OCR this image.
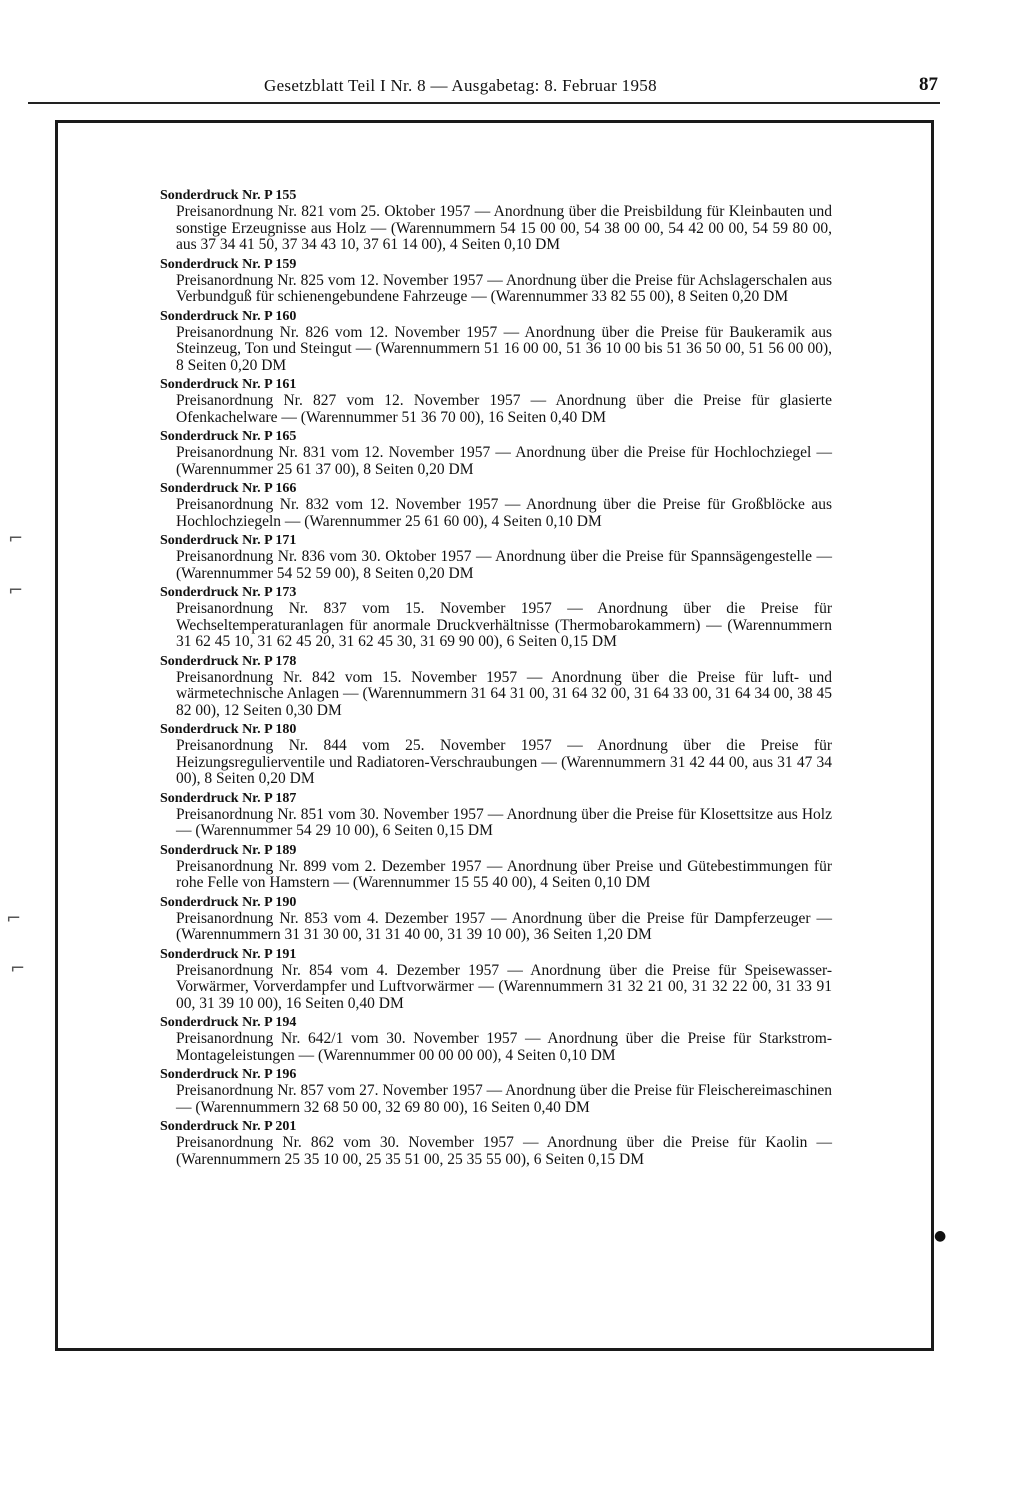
Gesetzblatt Teil I Nr. 8 — Ausgabetag: 8. Februar 1958	87
⌐
⌐
⌐
⌐
●
Sonderdruck Nr. P 155
Preisanordnung Nr. 821 vom 25. Oktober 1957 — Anordnung über die Preisbildung für Kleinbauten und sonstige Erzeugnisse aus Holz — (Warennummern 54 15 00 00, 54 38 00 00, 54 42 00 00, 54 59 80 00, aus 37 34 41 50, 37 34 43 10, 37 61 14 00), 4 Seiten 0,10 DM
Sonderdruck Nr. P 159
Preisanordnung Nr. 825 vom 12. November 1957 — Anordnung über die Preise für Achslagerschalen aus Verbundguß für schienengebundene Fahrzeuge — (Warennummer 33 82 55 00), 8 Seiten 0,20 DM
Sonderdruck Nr. P 160
Preisanordnung Nr. 826 vom 12. November 1957 — Anordnung über die Preise für Baukeramik aus Steinzeug, Ton und Steingut — (Warennummern 51 16 00 00, 51 36 10 00 bis 51 36 50 00, 51 56 00 00), 8 Seiten 0,20 DM
Sonderdruck Nr. P 161
Preisanordnung Nr. 827 vom 12. November 1957 — Anordnung über die Preise für glasierte Ofenkachelware — (Warennummer 51 36 70 00), 16 Seiten 0,40 DM
Sonderdruck Nr. P 165
Preisanordnung Nr. 831 vom 12. November 1957 — Anordnung über die Preise für Hochlochziegel — (Warennummer 25 61 37 00), 8 Seiten 0,20 DM
Sonderdruck Nr. P 166
Preisanordnung Nr. 832 vom 12. November 1957 — Anordnung über die Preise für Großblöcke aus Hochlochziegeln — (Warennummer 25 61 60 00), 4 Seiten 0,10 DM
Sonderdruck Nr. P 171
Preisanordnung Nr. 836 vom 30. Oktober 1957 — Anordnung über die Preise für Spannsägengestelle — (Warennummer 54 52 59 00), 8 Seiten 0,20 DM
Sonderdruck Nr. P 173
Preisanordnung Nr. 837 vom 15. November 1957 — Anordnung über die Preise für Wechseltemperaturanlagen für anormale Druckverhältnisse (Thermobarokammern) — (Warennummern 31 62 45 10, 31 62 45 20, 31 62 45 30, 31 69 90 00), 6 Seiten 0,15 DM
Sonderdruck Nr. P 178
Preisanordnung Nr. 842 vom 15. November 1957 — Anordnung über die Preise für luft- und wärmetechnische Anlagen — (Warennummern 31 64 31 00, 31 64 32 00, 31 64 33 00, 31 64 34 00, 38 45 82 00), 12 Seiten 0,30 DM
Sonderdruck Nr. P 180
Preisanordnung Nr. 844 vom 25. November 1957 — Anordnung über die Preise für Heizungsregulierventile und Radiatoren-Verschraubungen — (Warennummern 31 42 44 00, aus 31 47 34 00), 8 Seiten 0,20 DM
Sonderdruck Nr. P 187
Preisanordnung Nr. 851 vom 30. November 1957 — Anordnung über die Preise für Klosettsitze aus Holz — (Warennummer 54 29 10 00), 6 Seiten 0,15 DM
Sonderdruck Nr. P 189
Preisanordnung Nr. 899 vom 2. Dezember 1957 — Anordnung über Preise und Gütebestimmungen für rohe Felle von Hamstern — (Warennummer 15 55 40 00), 4 Seiten 0,10 DM
Sonderdruck Nr. P 190
Preisanordnung Nr. 853 vom 4. Dezember 1957 — Anordnung über die Preise für Dampferzeuger — (Warennummern 31 31 30 00, 31 31 40 00, 31 39 10 00), 36 Seiten 1,20 DM
Sonderdruck Nr. P 191
Preisanordnung Nr. 854 vom 4. Dezember 1957 — Anordnung über die Preise für Speisewasser-Vorwärmer, Vorverdampfer und Luftvorwärmer — (Warennummern 31 32 21 00, 31 32 22 00, 31 33 91 00, 31 39 10 00), 16 Seiten 0,40 DM
Sonderdruck Nr. P 194
Preisanordnung Nr. 642/1 vom 30. November 1957 — Anordnung über die Preise für Starkstrom-Montageleistungen — (Warennummer 00 00 00 00), 4 Seiten 0,10 DM
Sonderdruck Nr. P 196
Preisanordnung Nr. 857 vom 27. November 1957 — Anordnung über die Preise für Fleischereimaschinen — (Warennummern 32 68 50 00, 32 69 80 00), 16 Seiten 0,40 DM
Sonderdruck Nr. P 201
Preisanordnung Nr. 862 vom 30. November 1957 — Anordnung über die Preise für Kaolin — (Warennummern 25 35 10 00, 25 35 51 00, 25 35 55 00), 6 Seiten 0,15 DM
